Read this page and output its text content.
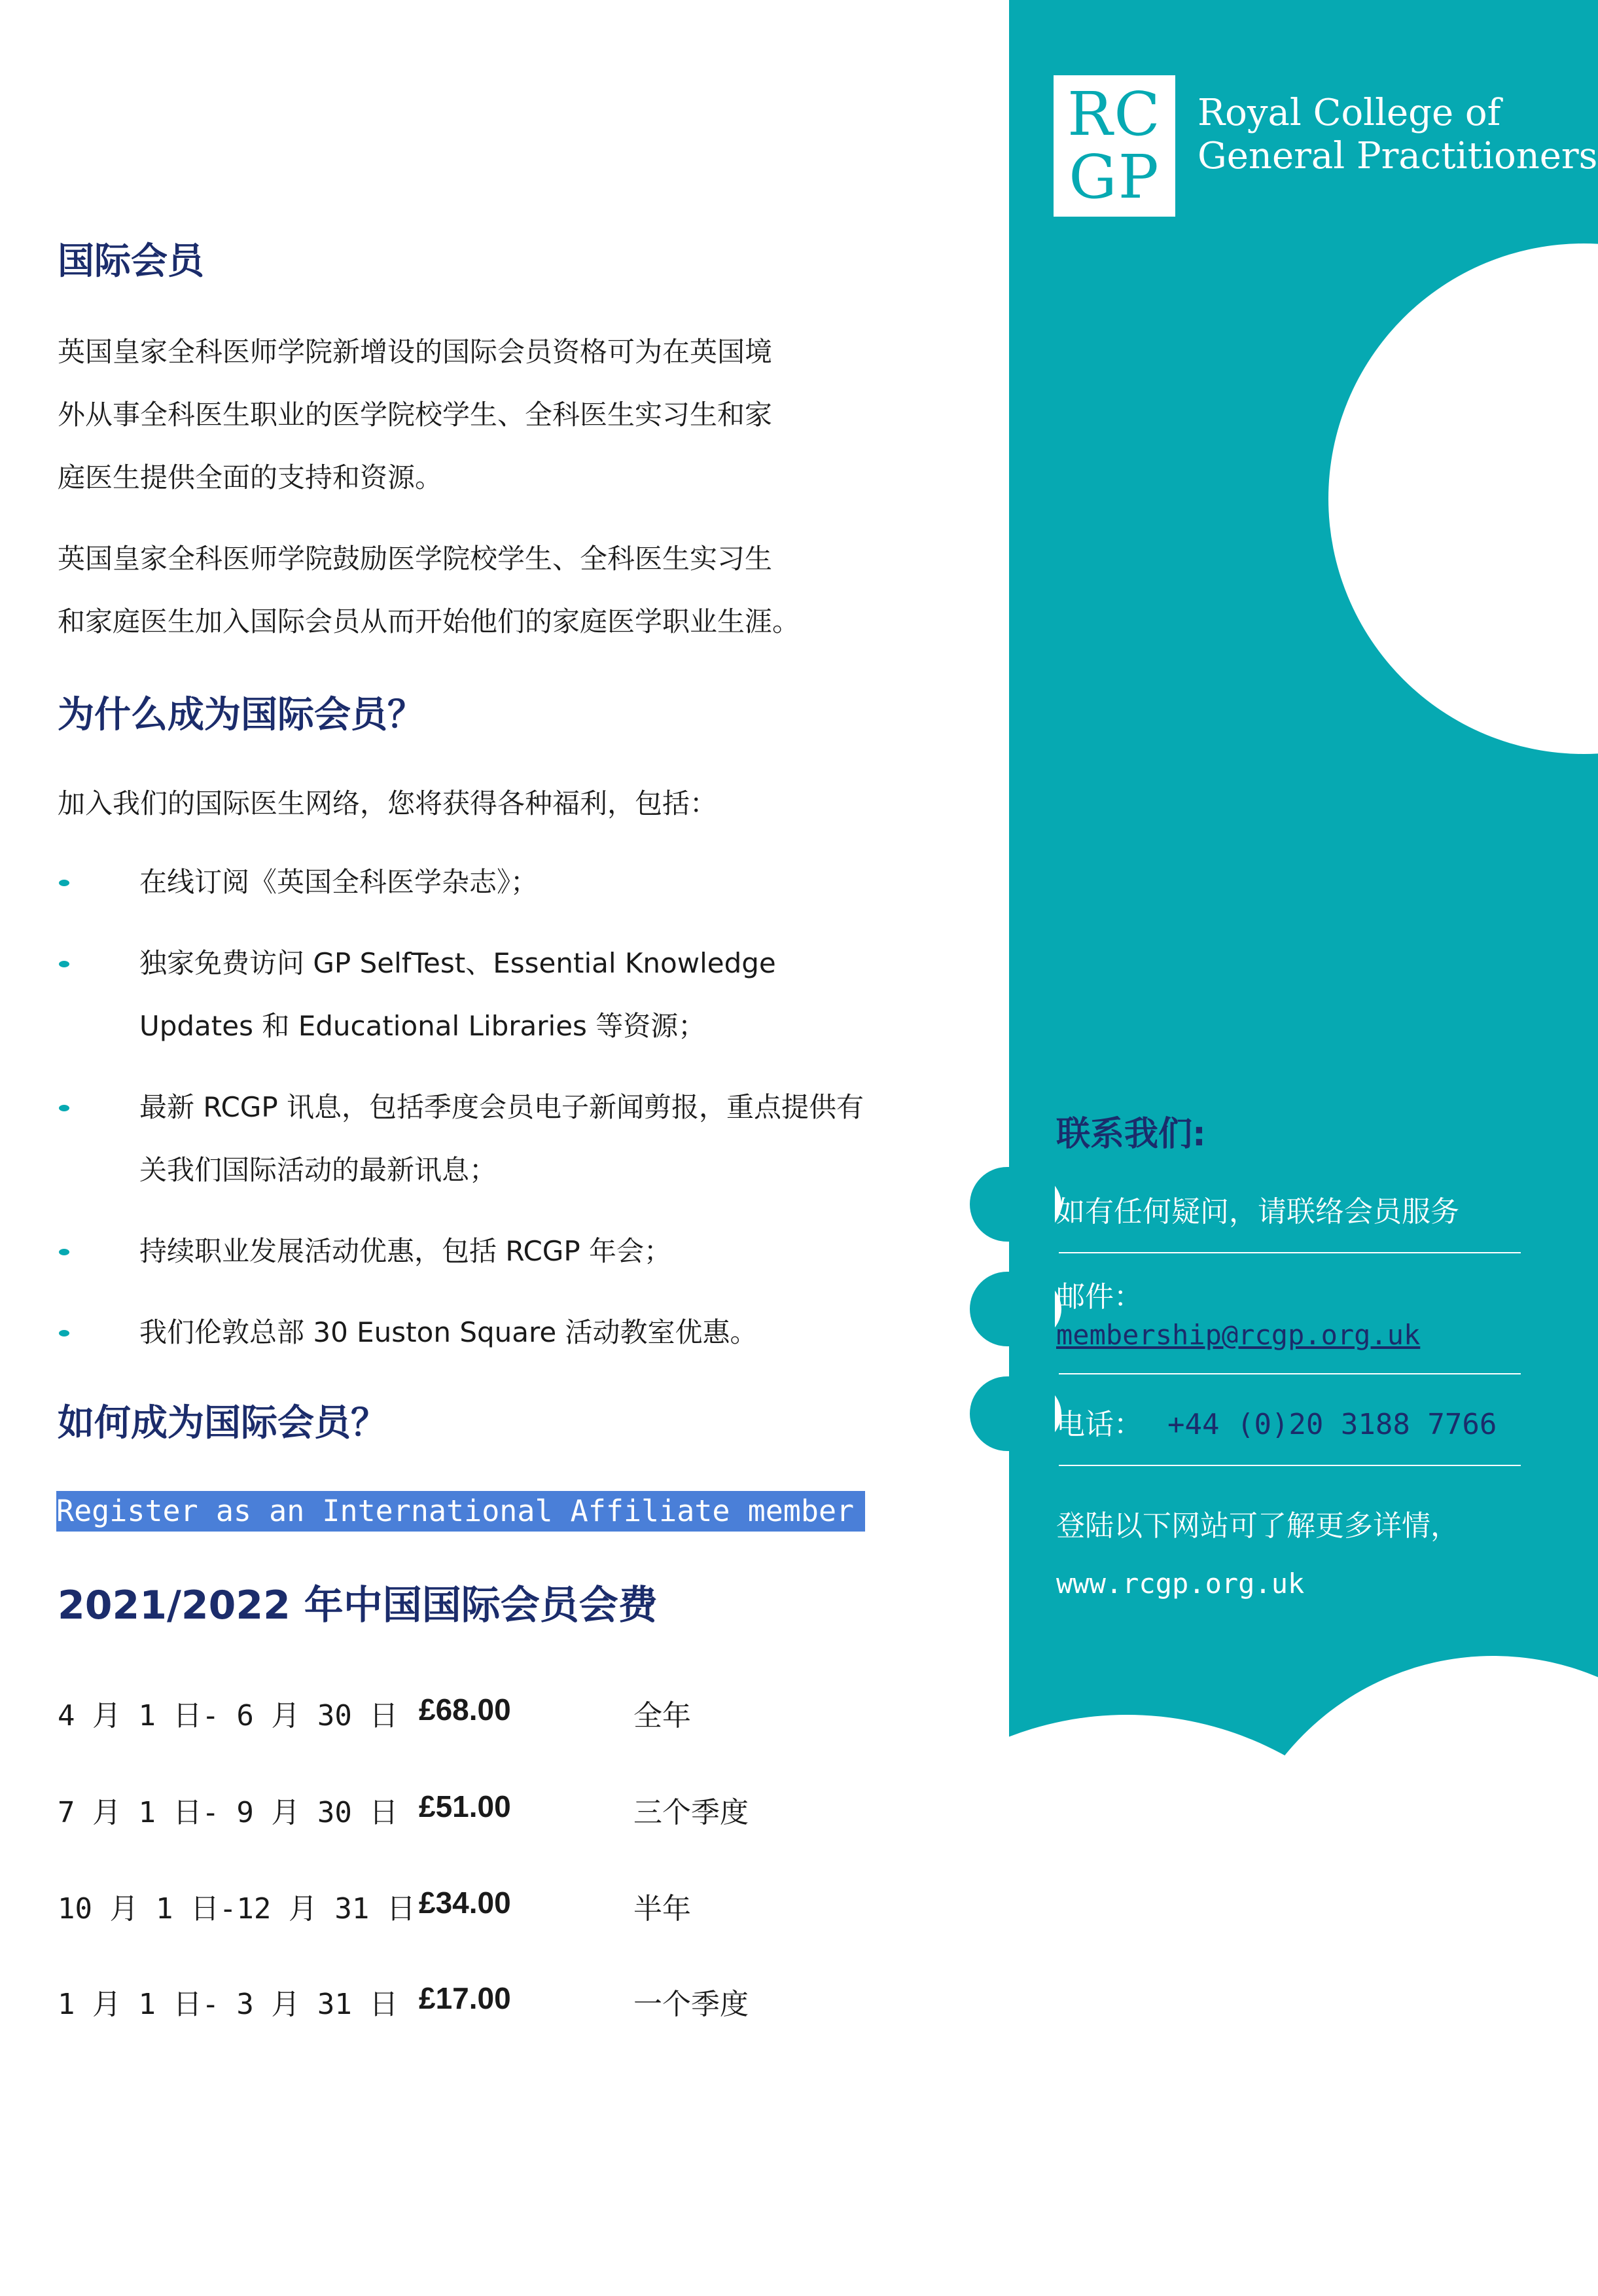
RC
GP
Royal College of
General Practitioners
国际会员
英国皇家全科医师学院新增设的国际会员资格可为在英国境
外从事全科医生职业的医学院校学生、全科医生实习生和家
庭医生提供全面的支持和资源。
英国皇家全科医师学院鼓励医学院校学生、全科医生实习生
和家庭医生加入国际会员从而开始他们的家庭医学职业生涯。
为什么成为国际会员？
加入我们的国际医生网络，您将获得各种福利，包括：
在线订阅《英国全科医学杂志》；
独家免费访问 GP SelfTest、Essential Knowledge
Updates 和 Educational Libraries 等资源；
最新 RCGP 讯息，包括季度会员电子新闻剪报，重点提供有
关我们国际活动的最新讯息；
持续职业发展活动优惠，包括 RCGP 年会；
我们伦敦总部 30 Euston Square 活动教室优惠。
如何成为国际会员？
Register as an International Affiliate member now
2021/2022 年中国国际会员会费
4 月 1 日- 6 月 30 日 £68.00	全年
7 月 1 日- 9 月 30 日 £51.00	三个季度
10 月 1 日-12 月 31 日 £34.00	半年
1 月 1 日- 3 月 31 日 £17.00	一个季度
联系我们:
如有任何疑问，请联络会员服务
邮件：
membership@rcgp.org.uk
电话： +44 (0)20 3188 7766
登陆以下网站可了解更多详情，
www.rcgp.org.uk
